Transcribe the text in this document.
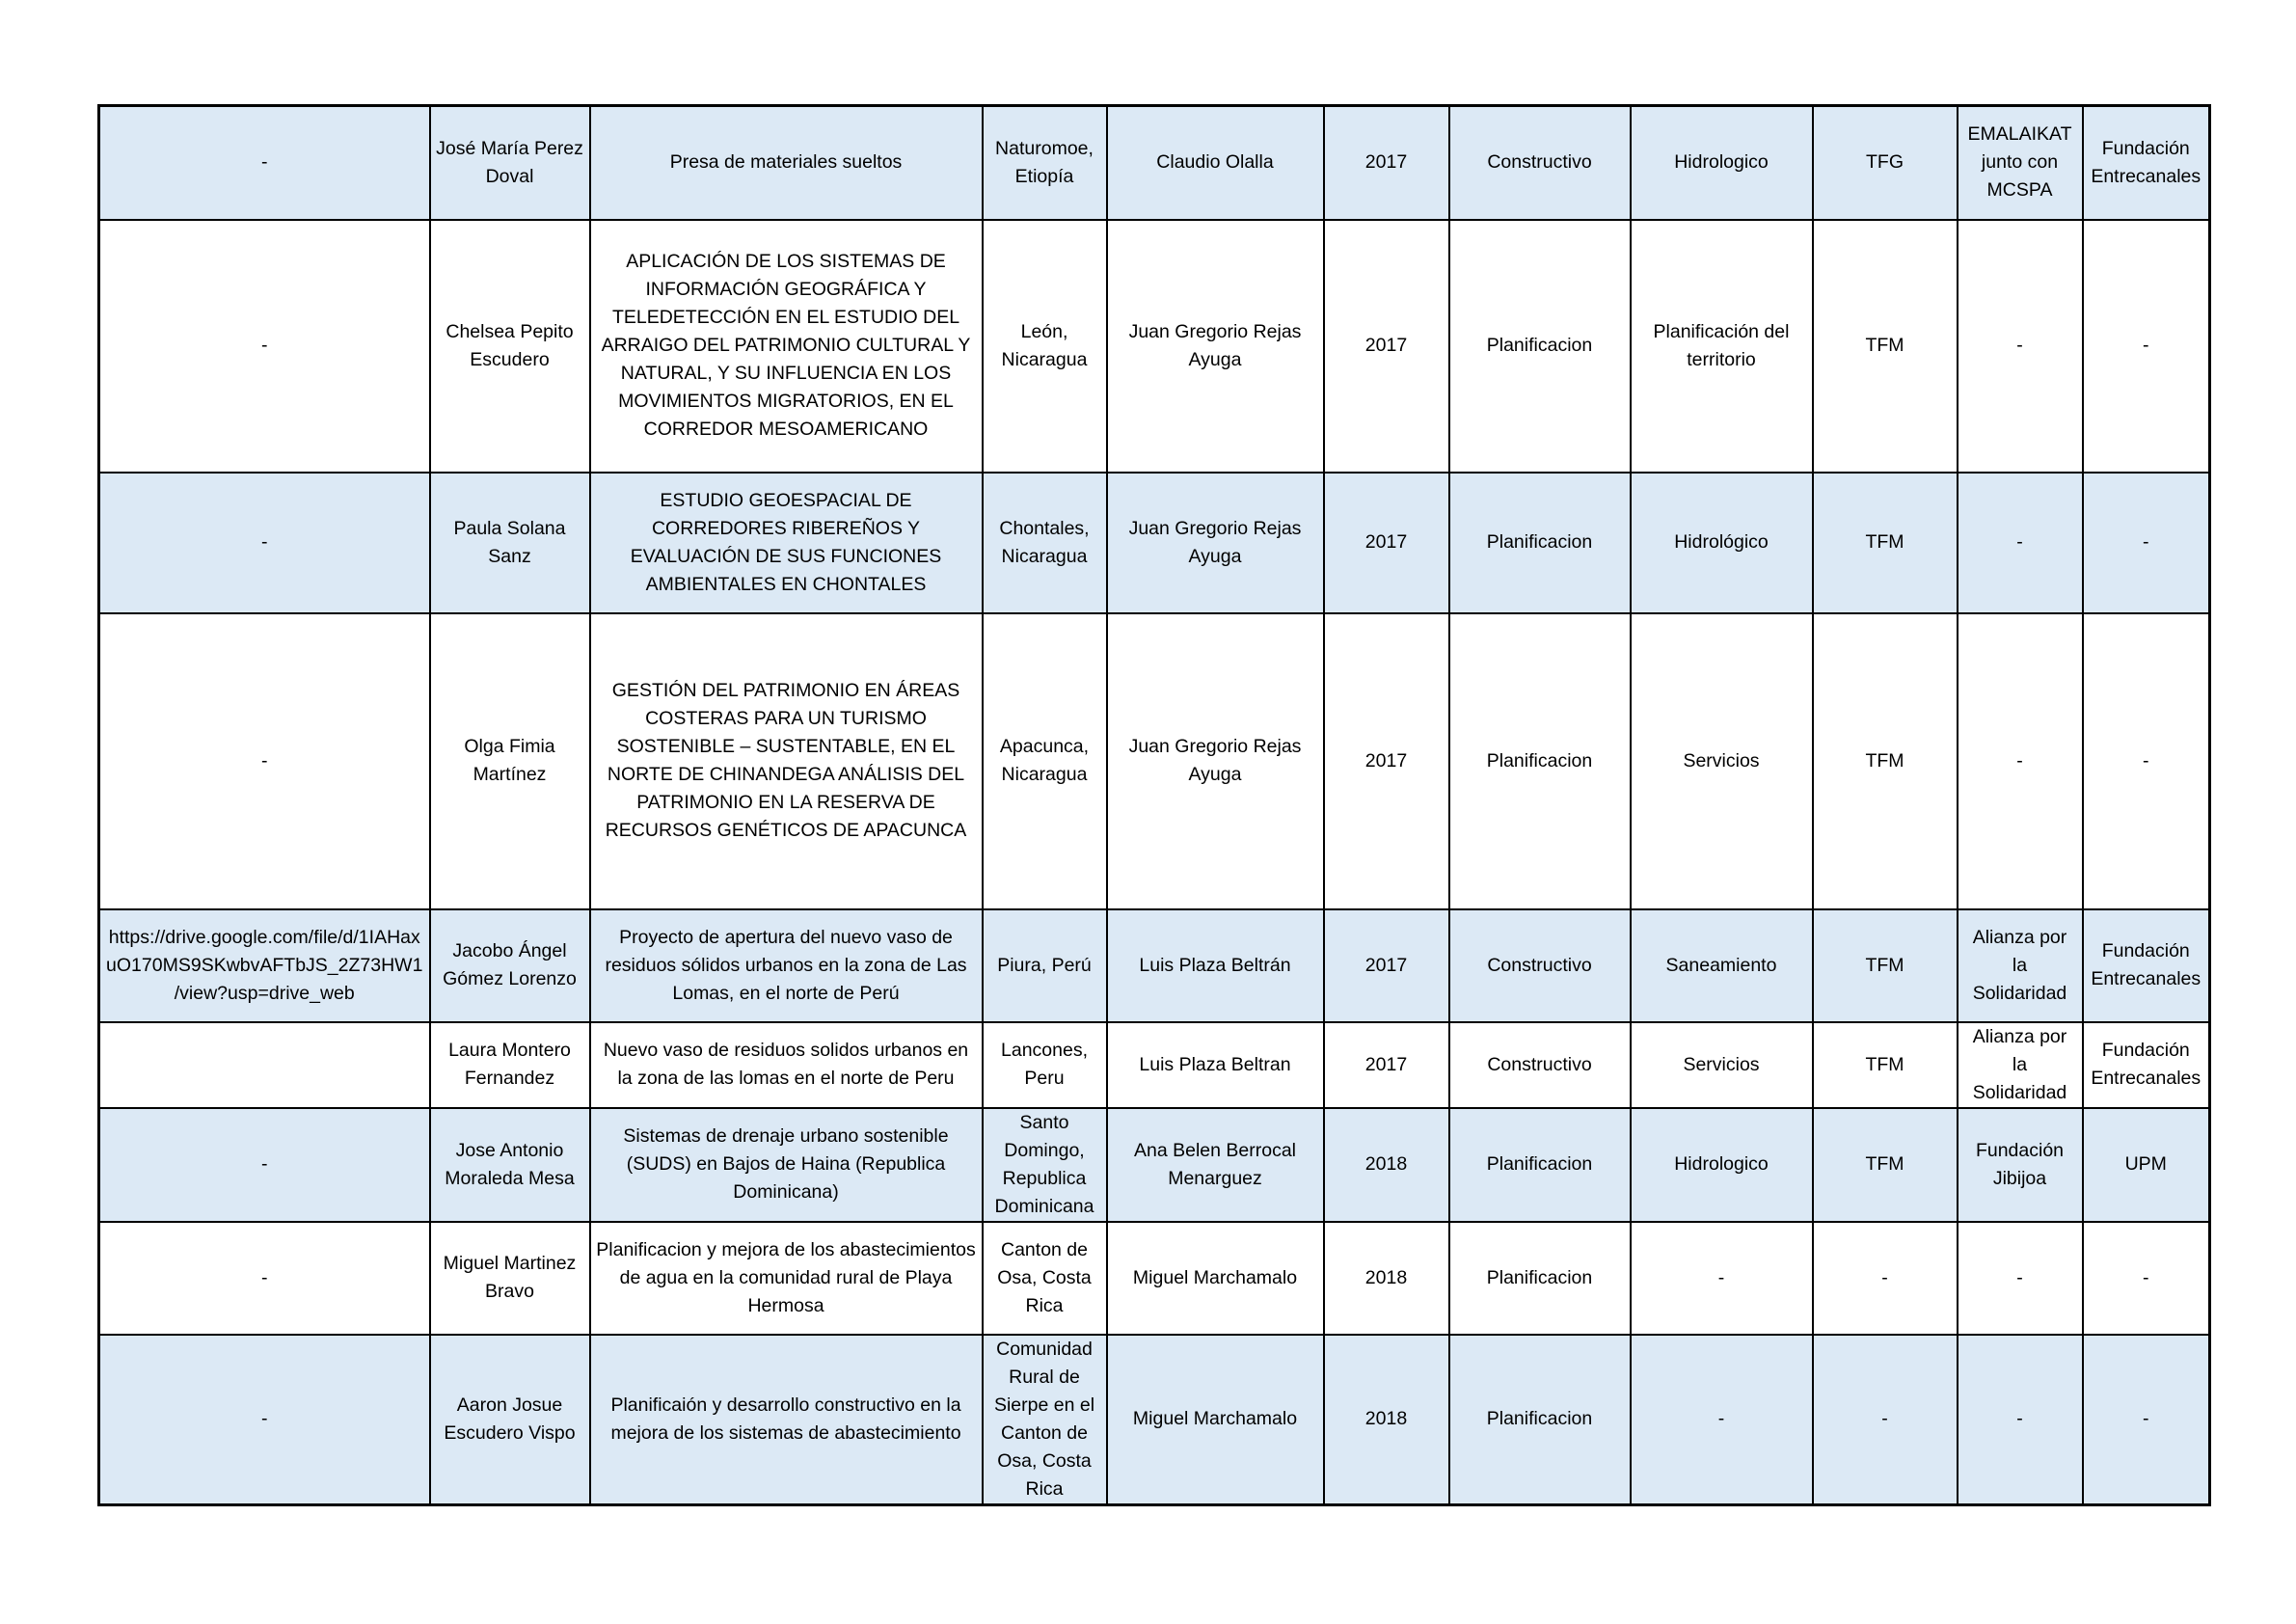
-	José María Perez Doval	Presa de materiales sueltos	Naturomoe, Etiopía	Claudio Olalla	2017	Constructivo	Hidrologico	TFG	EMALAIKAT junto con MCSPA	Fundación Entrecanales
-	Chelsea Pepito Escudero	APLICACIÓN DE LOS SISTEMAS DE INFORMACIÓN GEOGRÁFICA Y TELEDETECCIÓN EN EL ESTUDIO DEL ARRAIGO DEL PATRIMONIO CULTURAL Y NATURAL, Y SU INFLUENCIA EN LOS MOVIMIENTOS MIGRATORIOS, EN EL CORREDOR MESOAMERICANO	León, Nicaragua	Juan Gregorio Rejas Ayuga	2017	Planificacion	Planificación del territorio	TFM	-	-
-	Paula Solana Sanz	ESTUDIO GEOESPACIAL DE CORREDORES RIBEREÑOS Y EVALUACIÓN DE SUS FUNCIONES AMBIENTALES EN CHONTALES	Chontales, Nicaragua	Juan Gregorio Rejas Ayuga	2017	Planificacion	Hidrológico	TFM	-	-
-	Olga Fimia Martínez	GESTIÓN DEL PATRIMONIO EN ÁREAS COSTERAS PARA UN TURISMO SOSTENIBLE – SUSTENTABLE, EN EL NORTE DE CHINANDEGA ANÁLISIS DEL PATRIMONIO EN LA RESERVA DE RECURSOS GENÉTICOS DE APACUNCA	Apacunca, Nicaragua	Juan Gregorio Rejas Ayuga	2017	Planificacion	Servicios	TFM	-	-
https://drive.google.com/file/d/1IAHaxuO170MS9SKwbvAFTbJS_2Z73HW1/view?usp=drive_web	Jacobo Ángel Gómez Lorenzo	Proyecto de apertura del nuevo vaso de residuos sólidos urbanos en la zona de Las Lomas, en el norte de Perú	Piura, Perú	Luis Plaza Beltrán	2017	Constructivo	Saneamiento	TFM	Alianza por la Solidaridad	Fundación Entrecanales
	Laura Montero Fernandez	Nuevo vaso de residuos solidos urbanos en la zona de las lomas en el norte de Peru	Lancones, Peru	Luis Plaza Beltran	2017	Constructivo	Servicios	TFM	Alianza por la Solidaridad	Fundación Entrecanales
-	Jose Antonio Moraleda Mesa	Sistemas de drenaje urbano sostenible (SUDS) en Bajos de Haina (Republica Dominicana)	Santo Domingo, Republica Dominicana	Ana Belen Berrocal Menarguez	2018	Planificacion	Hidrologico	TFM	Fundación Jibijoa	UPM
-	Miguel Martinez Bravo	Planificacion y mejora de los abastecimientos de agua en la comunidad rural de Playa Hermosa	Canton de Osa, Costa Rica	Miguel Marchamalo	2018	Planificacion	-	-	-	-
-	Aaron Josue Escudero Vispo	Planificaión y desarrollo constructivo en la mejora de los sistemas de abastecimiento	Comunidad Rural de Sierpe en el Canton de Osa, Costa Rica	Miguel Marchamalo	2018	Planificacion	-	-	-	-
